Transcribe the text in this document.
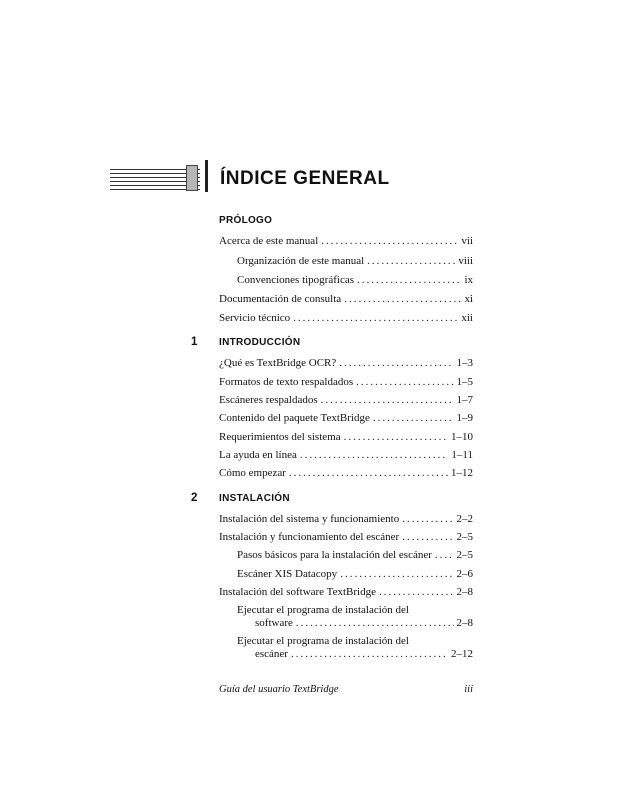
ÍNDICE GENERAL
PRÓLOGO
Acerca de este manual .....	vii
Organización de este manual .....	viii
Convenciones tipográficas .....	ix
Documentación de consulta .....	xi
Servicio técnico .....	xii
1 INTRODUCCIÓN
¿Qué es TextBridge OCR? .....	1–3
Formatos de texto respaldados .....	1–5
Escáneres respaldados .....	1–7
Contenido del paquete TextBridge .....	1–9
Requerimientos del sistema .....	1–10
La ayuda en línea .....	1–11
Cómo empezar .....	1–12
2 INSTALACIÓN
Instalación del sistema y funcionamiento .....	2–2
Instalación y funcionamiento del escáner .....	2–5
Pasos básicos para la instalación del escáner ..... 2–5
Escáner XIS Datacopy .....	2–6
Instalación del software TextBridge .....	2–8
Ejecutar el programa de instalación del
software .....	2–8
Ejecutar el programa de instalación del
escáner .....	2–12
Guía del usuario TextBridge	iii
